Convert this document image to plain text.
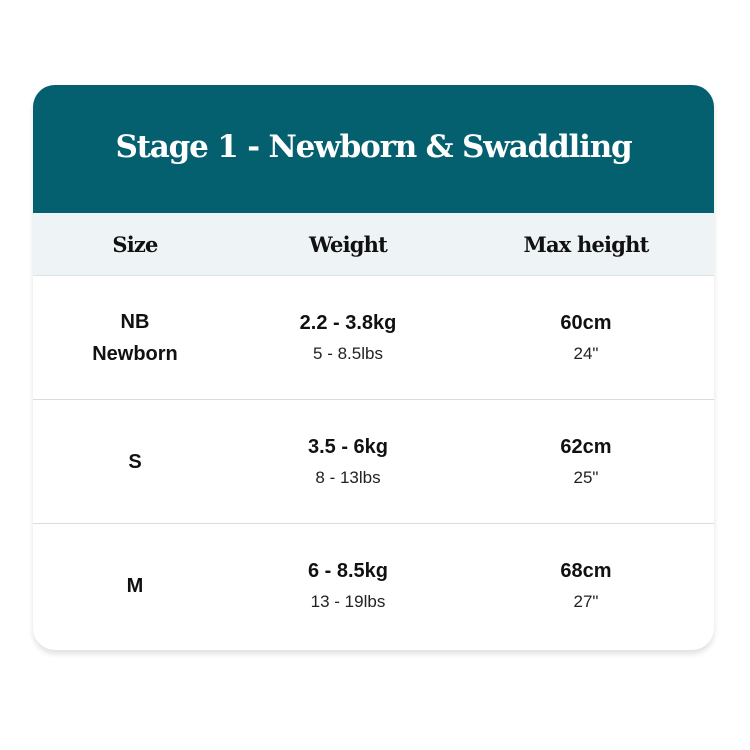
Stage 1 - Newborn & Swaddling
Size	Weight	Max height
NB
Newborn
2.2 - 3.8kg
5 - 8.5lbs
60cm
24"
S
3.5 - 6kg
8 - 13lbs
62cm
25"
M
6 - 8.5kg
13 - 19lbs
68cm
27"
